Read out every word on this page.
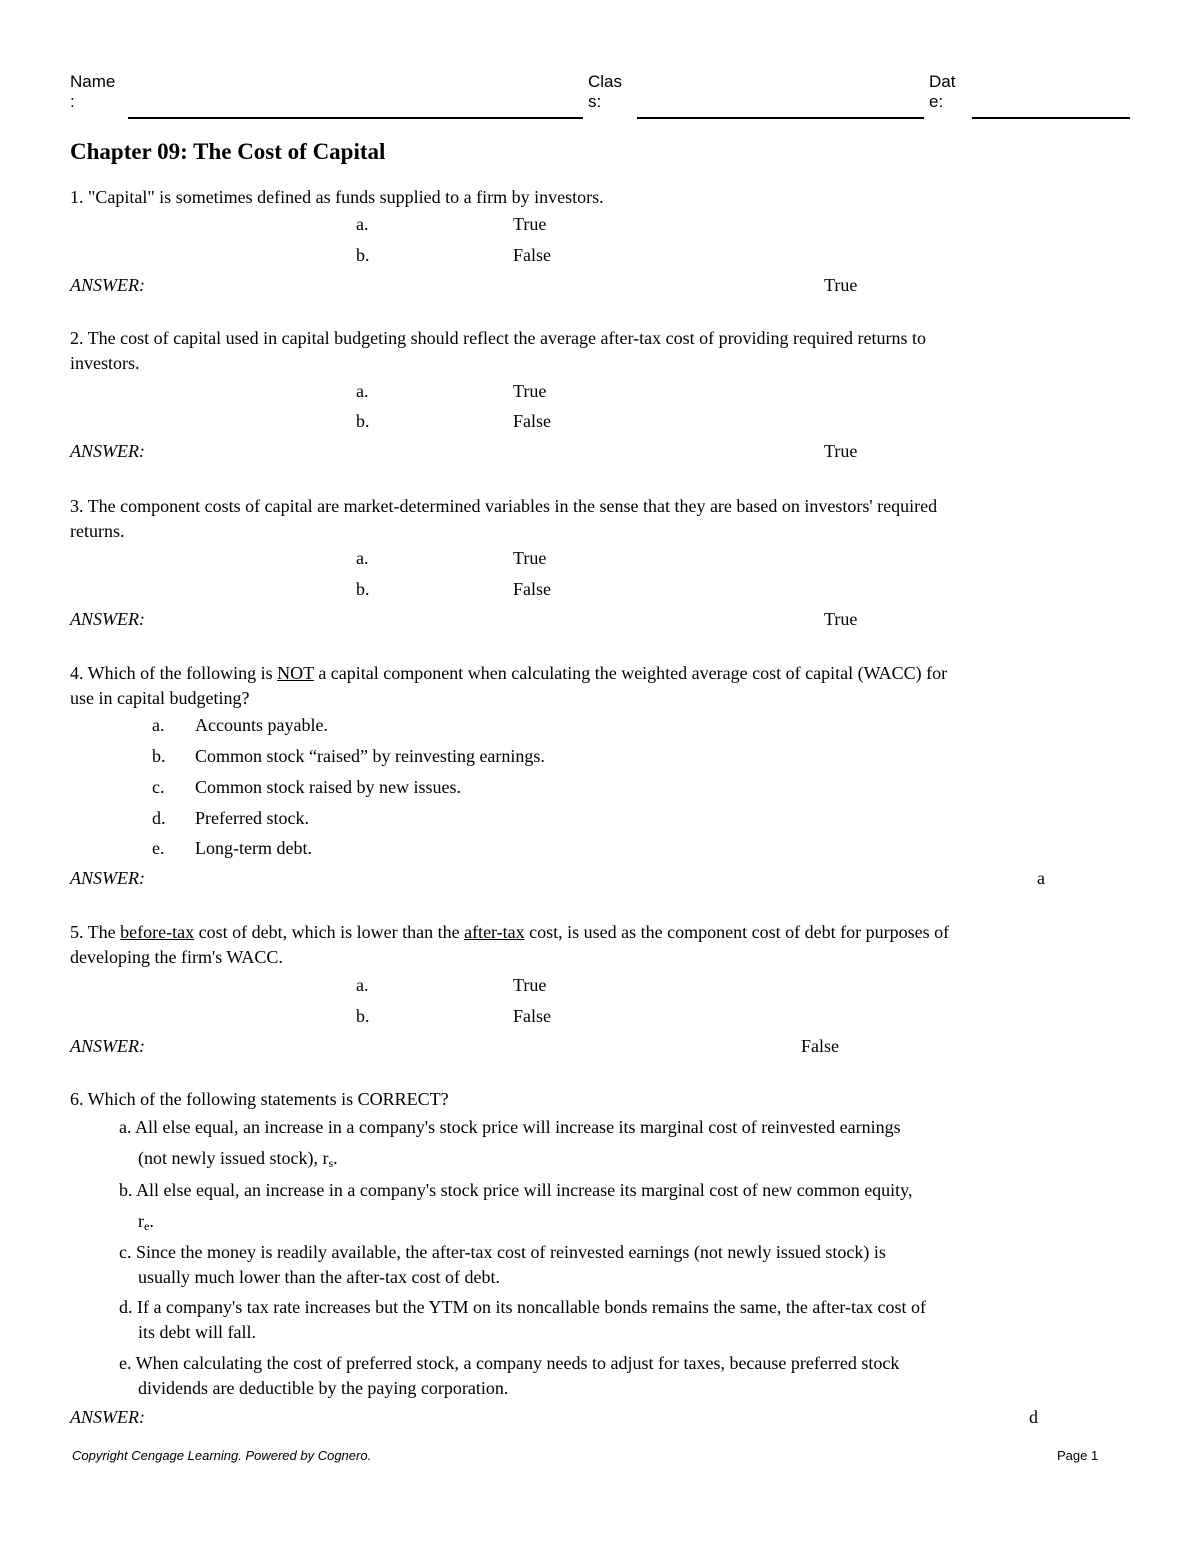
Name
:
Clas
s:
Dat
e:
Chapter 09: The Cost of Capital
1. "Capital" is sometimes defined as funds supplied to a firm by investors.
a.	True
b.	False
ANSWER:	True
2. The cost of capital used in capital budgeting should reflect the average after-tax cost of providing required returns to
investors.
a.	True
b.	False
ANSWER:	True
3. The component costs of capital are market-determined variables in the sense that they are based on investors' required
returns.
a.	True
b.	False
ANSWER:	True
4. Which of the following is NOT a capital component when calculating the weighted average cost of capital (WACC) for
use in capital budgeting?
a. Accounts payable.
b. Common stock “raised” by reinvesting earnings.
c. Common stock raised by new issues.
d. Preferred stock.
e. Long-term debt.
ANSWER:	a
5. The before-tax cost of debt, which is lower than the after-tax cost, is used as the component cost of debt for purposes of
developing the firm's WACC.
a.	True
b.	False
ANSWER:	False
6. Which of the following statements is CORRECT?
a. All else equal, an increase in a company's stock price will increase its marginal cost of reinvested earnings
(not newly issued stock), $r_s$.
b. All else equal, an increase in a company's stock price will increase its marginal cost of new common equity,
$r_e$.
c. Since the money is readily available, the after-tax cost of reinvested earnings (not newly issued stock) is
usually much lower than the after-tax cost of debt.
d. If a company's tax rate increases but the YTM on its noncallable bonds remains the same, the after-tax cost of
its debt will fall.
e. When calculating the cost of preferred stock, a company needs to adjust for taxes, because preferred stock
dividends are deductible by the paying corporation.
ANSWER:	d
Copyright Cengage Learning. Powered by Cognero.	Page 1
